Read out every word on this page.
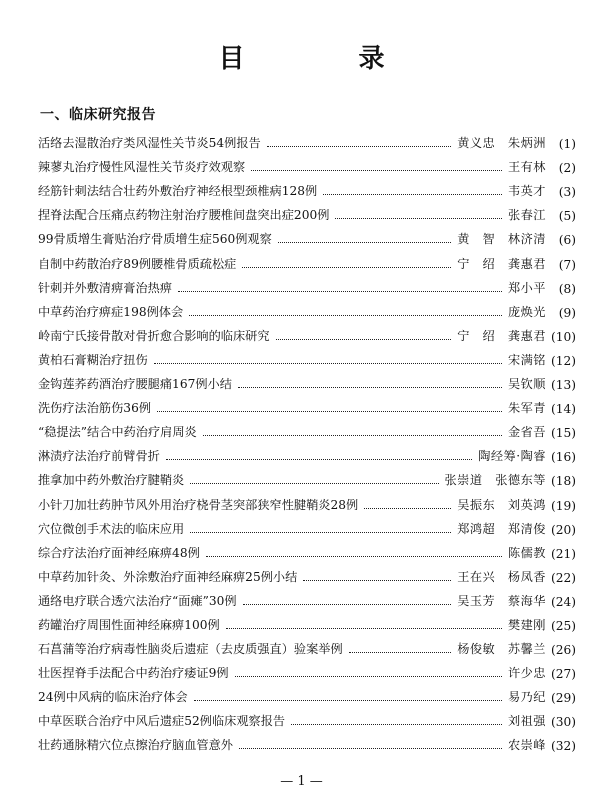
目　录
一、临床研究报告
活络去湿散治疗类风湿性关节炎54例报告	黄义忠　朱炳洲	(1)
辣蓼丸治疗慢性风湿性关节炎疗效观察	王有林	(2)
经筋针刺法结合壮药外敷治疗神经根型颈椎病128例	韦英才	(3)
捏脊法配合压痛点药物注射治疗腰椎间盘突出症200例	张春江	(5)
99骨质增生膏贴治疗骨质增生症560例观察	黄　智　林济清	(6)
自制中药散治疗89例腰椎骨质疏松症	宁　绍　龚惠君	(7)
针刺并外敷清痹膏治热痹	郑小平	(8)
中草药治疗痹症198例体会	庞焕光	(9)
岭南宁氏接骨散对骨折愈合影响的临床研究	宁　绍　龚惠君 (10)
黄柏石膏糊治疗扭伤	宋满铭 (12)
金钩莲荞药酒治疗腰腿痛167例小结	吴钦顺 (13)
洗伤疗法治筋伤36例	朱军青 (14)
“稳提法”结合中药治疗肩周炎	金省吾 (15)
淋渍疗法治疗前臂骨折	陶经筹·陶睿 (16)
推拿加中药外敷治疗腱鞘炎	张崇道　张德东等 (18)
小针刀加壮药肿节风外用治疗桡骨茎突部狭窄性腱鞘炎28例	吴振东　刘英鸿 (19)
穴位微创手术法的临床应用	郑鸿超　郑清俊 (20)
综合疗法治疗面神经麻痹48例	陈儒教 (21)
中草药加针灸、外涂敷治疗面神经麻痹25例小结	王在兴　杨凤香 (22)
通络电疗联合透穴法治疗“面瘫”30例	吴玉芳　蔡海华 (24)
药罐治疗周围性面神经麻痹100例	樊建刚 (25)
石菖蒲等治疗病毒性脑炎后遗症（去皮质强直）验案举例	杨俊敏　苏馨兰 (26)
壮医捏脊手法配合中药治疗痿证9例	许少忠 (27)
24例中风病的临床治疗体会	易乃纪 (29)
中草医联合治疗中风后遗症52例临床观察报告	刘祖强 (30)
壮药通脉精穴位点擦治疗脑血管意外	农崇峰 (32)
— 1 —
